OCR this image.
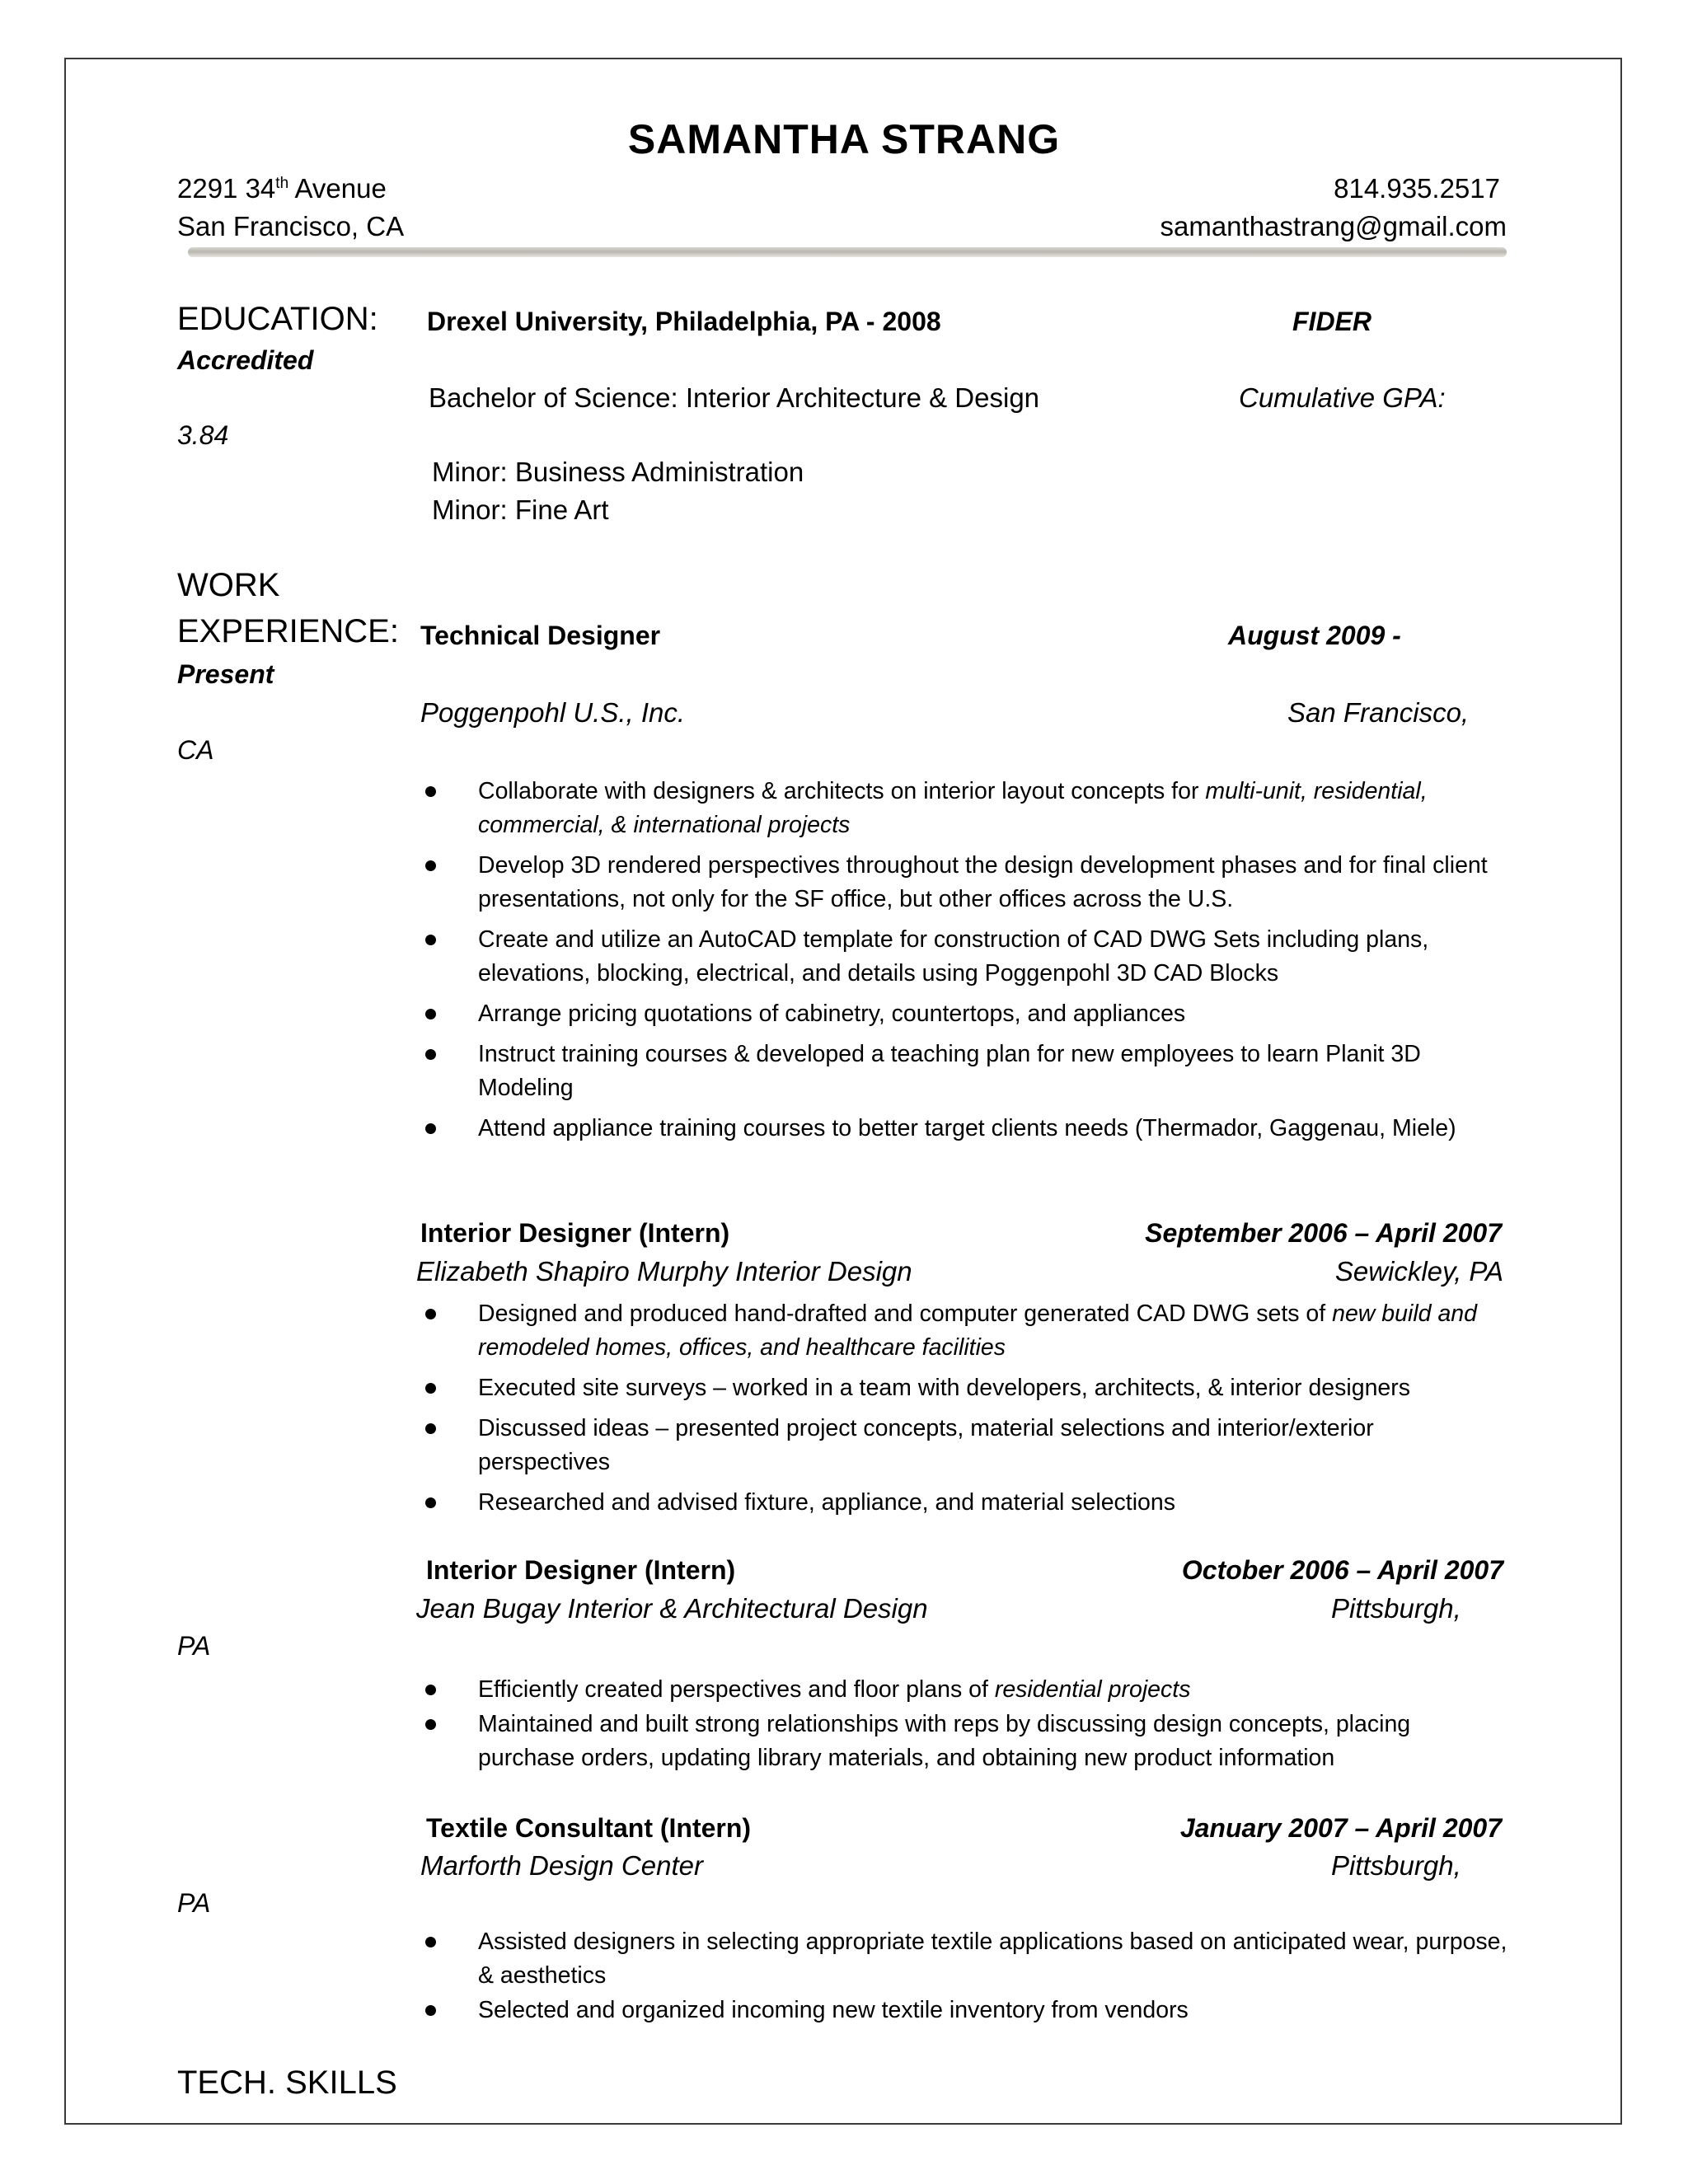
SAMANTHA STRANG
2291 34th Avenue
San Francisco, CA
814.935.2517
samanthastrang@gmail.com
EDUCATION: Drexel University, Philadelphia, PA - 2008	FIDER
Accredited
Bachelor of Science: Interior Architecture & Design	Cumulative GPA:
3.84
Minor: Business Administration
Minor: Fine Art
WORK
EXPERIENCE: Technical Designer	August 2009 -
Present
Poggenpohl U.S., Inc.	San Francisco,
CA
Collaborate with designers & architects on interior layout concepts for multi-unit, residential, commercial, & international projects
Develop 3D rendered perspectives throughout the design development phases and for final client presentations, not only for the SF office, but other offices across the U.S.
Create and utilize an AutoCAD template for construction of CAD DWG Sets including plans, elevations, blocking, electrical, and details using Poggenpohl 3D CAD Blocks
Arrange pricing quotations of cabinetry, countertops, and appliances
Instruct training courses & developed a teaching plan for new employees to learn Planit 3D Modeling
Attend appliance training courses to better target clients needs (Thermador, Gaggenau, Miele)
Interior Designer (Intern)	September 2006 – April 2007
Elizabeth Shapiro Murphy Interior Design	Sewickley, PA
Designed and produced hand-drafted and computer generated CAD DWG sets of new build and remodeled homes, offices, and healthcare facilities
Executed site surveys – worked in a team with developers, architects, & interior designers
Discussed ideas – presented project concepts, material selections and interior/exterior perspectives
Researched and advised fixture, appliance, and material selections
Interior Designer (Intern)	October 2006 – April 2007
Jean Bugay Interior & Architectural Design	Pittsburgh,
PA
Efficiently created perspectives and floor plans of residential projects
Maintained and built strong relationships with reps by discussing design concepts, placing purchase orders, updating library materials, and obtaining new product information
Textile Consultant (Intern)	January 2007 – April 2007
Marforth Design Center	Pittsburgh,
PA
Assisted designers in selecting appropriate textile applications based on anticipated wear, purpose, & aesthetics
Selected and organized incoming new textile inventory from vendors
TECH. SKILLS
